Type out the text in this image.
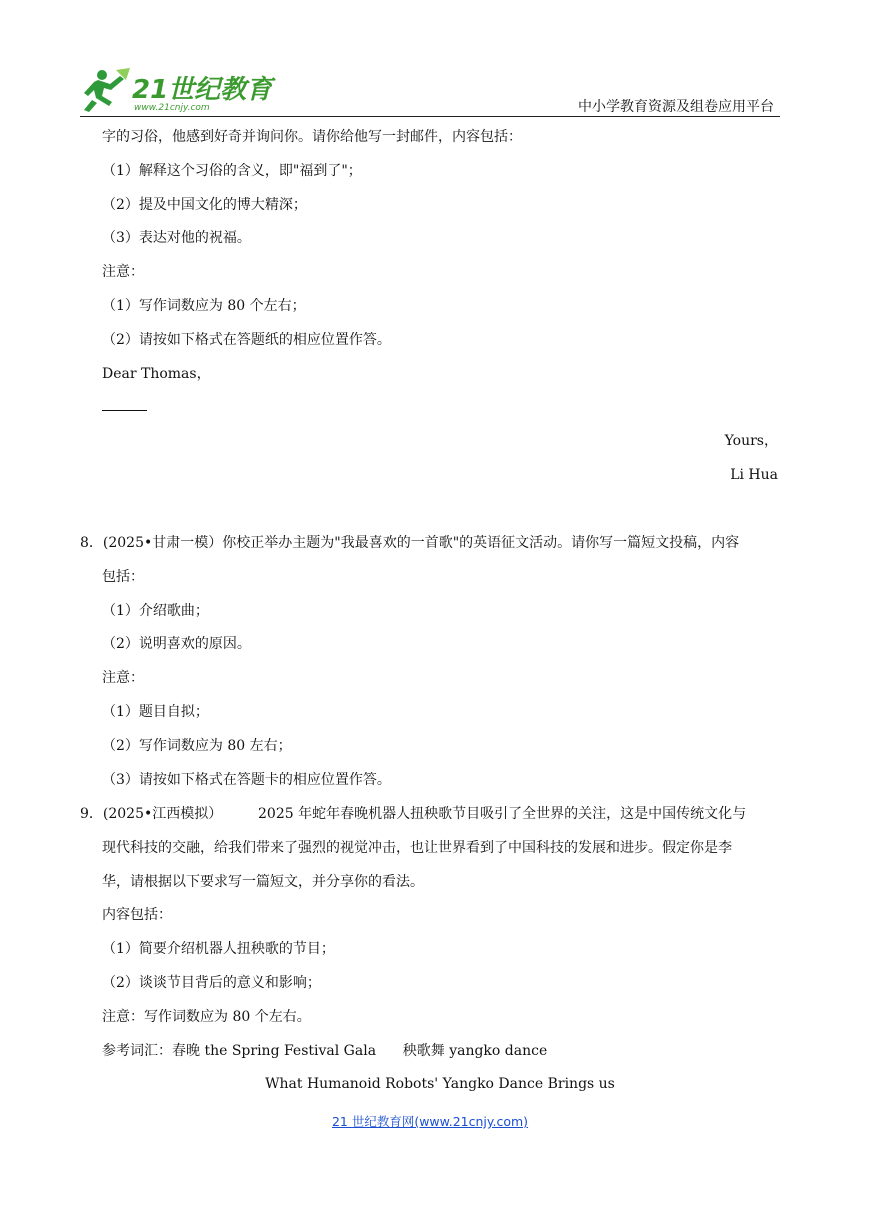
21世纪教育
www.21cnjy.com	中小学教育资源及组卷应用平台
字的习俗，他感到好奇并询问你。请你给他写一封邮件，内容包括：
（1）解释这个习俗的含义，即"福到了"；
（2）提及中国文化的博大精深；
（3）表达对他的祝福。
注意：
（1）写作词数应为 80 个左右；
（2）请按如下格式在答题纸的相应位置作答。
Dear Thomas，
Yours，
Li Hua
8．(2025•甘肃一模）你校正举办主题为"我最喜欢的一首歌"的英语征文活动。请你写一篇短文投稿，内容
包括：
（1）介绍歌曲；
（2）说明喜欢的原因。
注意：
（1）题目自拟；
（2）写作词数应为 80 左右；
（3）请按如下格式在答题卡的相应位置作答。
9．(2025•江西模拟）	2025 年蛇年春晚机器人扭秧歌节目吸引了全世界的关注，这是中国传统文化与
现代科技的交融，给我们带来了强烈的视觉冲击，也让世界看到了中国科技的发展和进步。假定你是李
华，请根据以下要求写一篇短文，并分享你的看法。
内容包括：
（1）简要介绍机器人扭秧歌的节目；
（2）谈谈节目背后的意义和影响；
注意：写作词数应为 80 个左右。
参考词汇：春晚 the Spring Festival Gala      秧歌舞 yangko dance
What Humanoid Robots' Yangko Dance Brings us
21 世纪教育网(www.21cnjy.com)
